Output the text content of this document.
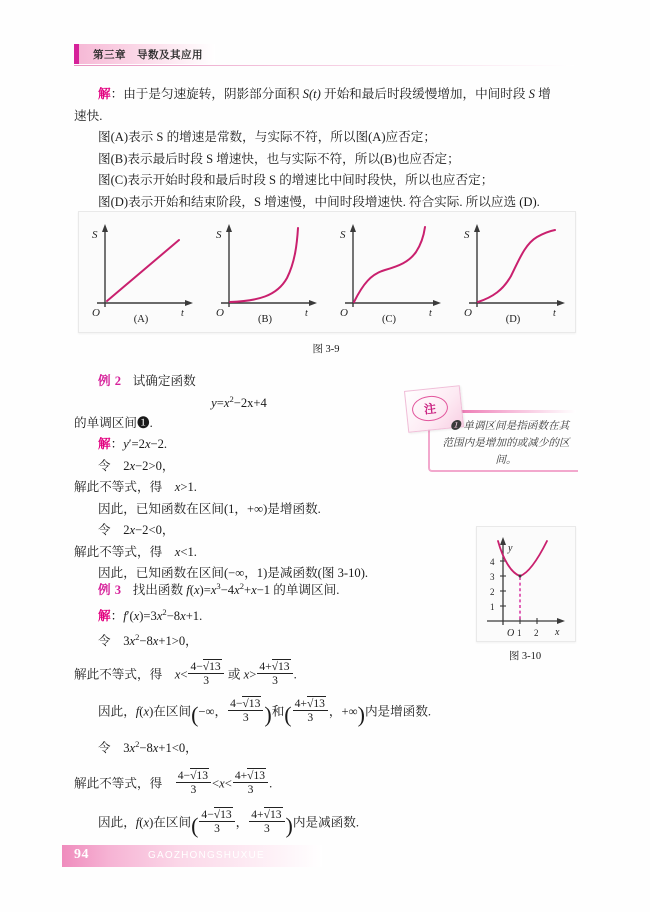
第三章　导数及其应用

解：由于是匀速旋转，阴影部分面积 S(t) 开始和最后时段缓慢增加，中间时段 S 增

速快.

图(A)表示 S 的增速是常数，与实际不符，所以图(A)应否定；

图(B)表示最后时段 S 增速快，也与实际不符，所以(B)也应否定；

图(C)表示开始时段和最后时段 S 的增速比中间时段快，所以也应否定；

图(D)表示开始和结束阶段，S 增速慢，中间时段增速快. 符合实际. 所以应选 (D).

S
t
O
(A)
S
t
O
(B)
S
t
O
(C)
S
t
O
(D)
图 3-9

例 2 试确定函数

$y=x^2-2x+4$

的单调区间❶.

解：y′=2x−2.

令　2x−2>0，

解此不等式，得　x>1.

因此，已知函数在区间(1，+∞)是增函数.

令　2x−2<0，

解此不等式，得　x<1.

因此，已知函数在区间(−∞，1)是减函数(图 3-10).

注
❶ 单调区间是指函数在其
范围内是增加的或减少的区间。
1
2
3
4
1 2
O
y
x
图 3-10

例 3 找出函数 $f(x)=x^3-4x^2+x-1$ 的单调区间.

解：$f'(x)=3x^2-8x+1$.

令　$3x^2-8x+1>0$，

解此不等式，得　$x< \frac{4-√13}{3}$ 或 $x> \frac{4+√13}{3}$ .

因此，f(x)在区间(−∞， $\frac{4-√13}{3}$ )和( $\frac{4+√13}{3}$ ，+∞)内是增函数.

令　$3x^2-8x+1<0$，

解此不等式，得　 $\frac{4-√13}{3} <x< \frac{4+√13}{3}$ .

因此，f(x)在区间( $\frac{4-√13}{3}$ ， $\frac{4+√13}{3}$ )内是减函数.

94	GAOZHONGSHUXUE
